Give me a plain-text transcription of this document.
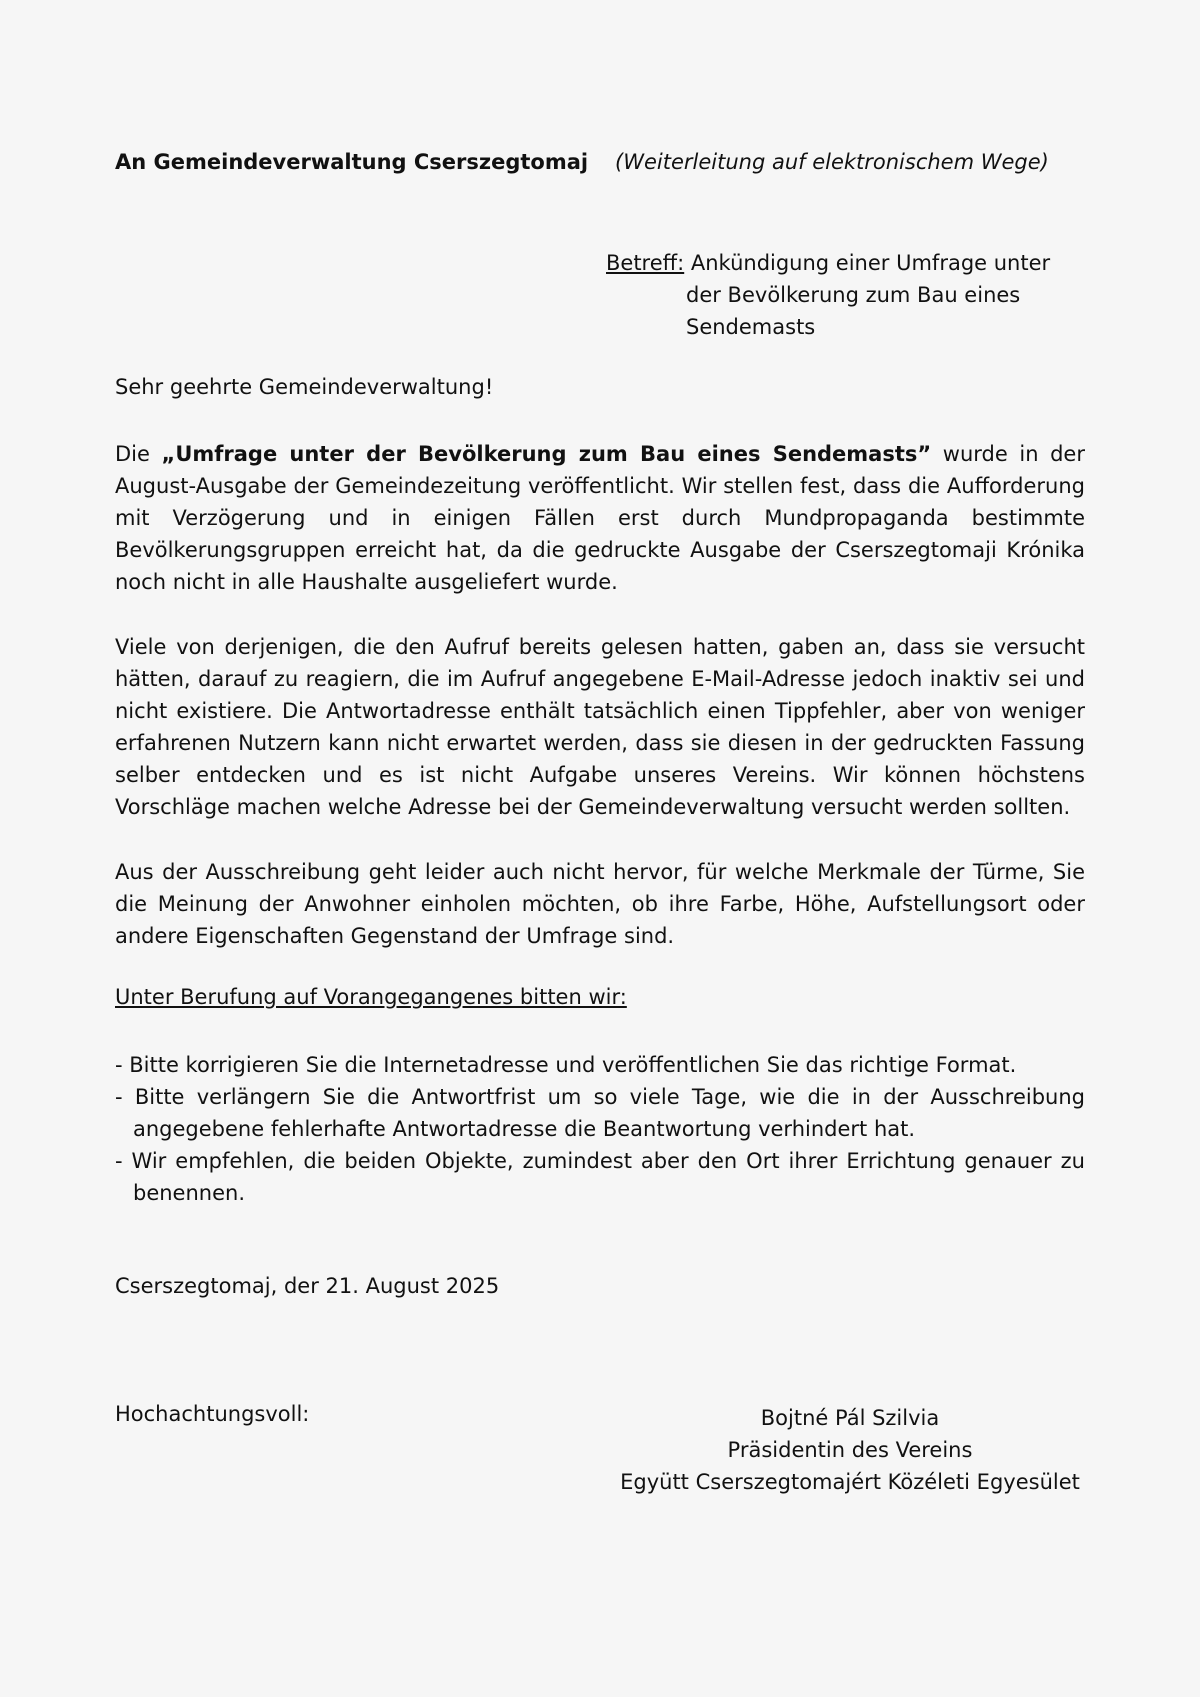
An Gemeindeverwaltung Cserszegtomaj (Weiterleitung auf elektronischem Wege)
Betreff: Ankündigung einer Umfrage unter
der Bevölkerung zum Bau eines
Sendemasts
Sehr geehrte Gemeindeverwaltung!
Die „Umfrage unter der Bevölkerung zum Bau eines Sendemasts” wurde in der August-Ausgabe der Gemeindezeitung veröffentlicht. Wir stellen fest, dass die Aufforderung mit Verzögerung und in einigen Fällen erst durch Mundpropaganda bestimmte Bevölkerungsgruppen erreicht hat, da die gedruckte Ausgabe der Cserszegtomaji Krónika noch nicht in alle Haushalte ausgeliefert wurde.
Viele von derjenigen, die den Aufruf bereits gelesen hatten, gaben an, dass sie versucht hätten, darauf zu reagiern, die im Aufruf angegebene E-Mail-Adresse jedoch inaktiv sei und nicht existiere. Die Antwortadresse enthält tatsächlich einen Tippfehler, aber von weniger erfahrenen Nutzern kann nicht erwartet werden, dass sie diesen in der gedruckten Fassung selber entdecken und es ist nicht Aufgabe unseres Vereins. Wir können höchstens Vorschläge machen welche Adresse bei der Gemeindeverwaltung versucht werden sollten.
Aus der Ausschreibung geht leider auch nicht hervor, für welche Merkmale der Türme, Sie die Meinung der Anwohner einholen möchten, ob ihre Farbe, Höhe, Aufstellungsort oder andere Eigenschaften Gegenstand der Umfrage sind.
Unter Berufung auf Vorangegangenes bitten wir:
- Bitte korrigieren Sie die Internetadresse und veröffentlichen Sie das richtige Format.
- Bitte verlängern Sie die Antwortfrist um so viele Tage, wie die in der Ausschreibung angegebene fehlerhafte Antwortadresse die Beantwortung verhindert hat.
- Wir empfehlen, die beiden Objekte, zumindest aber den Ort ihrer Errichtung genauer zu benennen.
Cserszegtomaj, der 21. August 2025
Hochachtungsvoll:	Bojtné Pál Szilvia
Präsidentin des Vereins
Együtt Cserszegtomajért Közéleti Egyesület
